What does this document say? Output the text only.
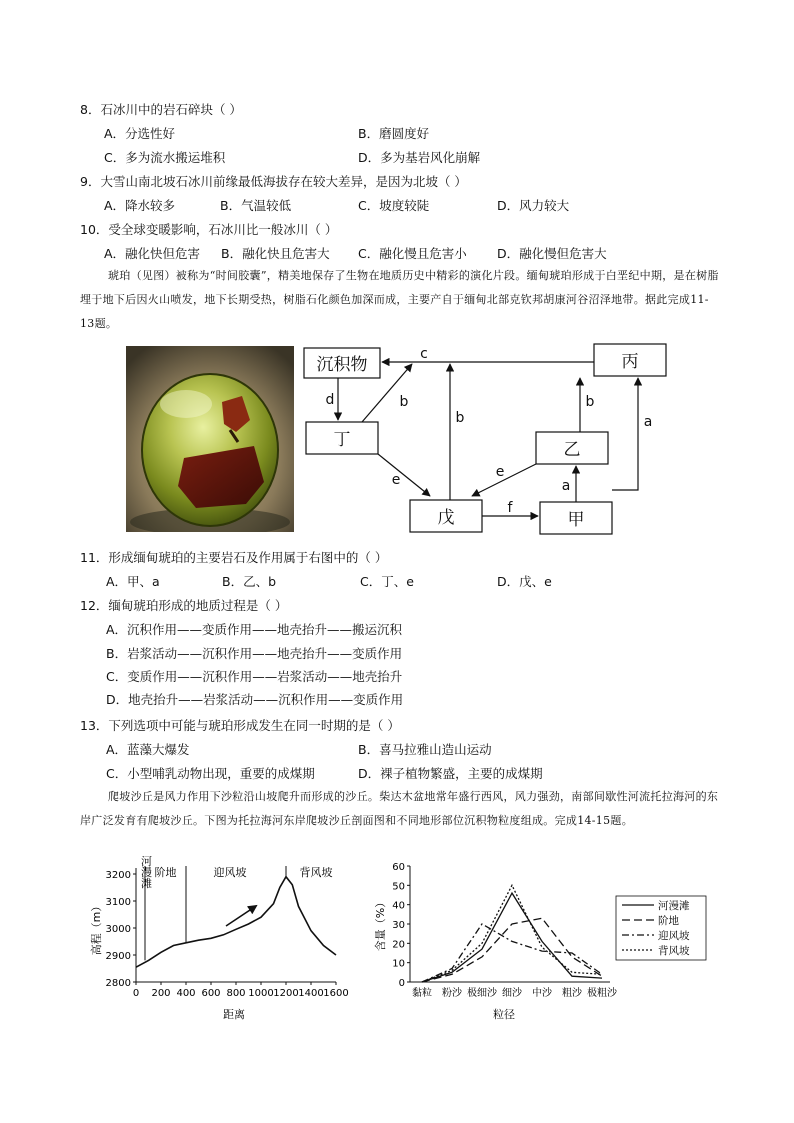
8．石冰川中的岩石碎块（ ）
A．分选性好	B．磨圆度好
C．多为流水搬运堆积	D．多为基岩风化崩解
9．大雪山南北坡石冰川前缘最低海拔存在较大差异，是因为北坡（ ）
A．降水较多	B．气温较低	C．坡度较陡	D．风力较大
10．受全球变暖影响，石冰川比一般冰川（ ）
A．融化快但危害 B．融化快且危害大 C．融化慢且危害小 D．融化慢但危害大
琥珀（见图）被称为“时间胶囊”，精美地保存了生物在地质历史中精彩的演化片段。缅甸琥珀形成于白垩纪中期，是在树脂埋于地下后因火山喷发，地下长期受热，树脂石化颜色加深而成，主要产自于缅甸北部克钦邦胡康河谷沼泽地带。据此完成11-13题。
沉积物	丙
丁	乙
戊	甲
c
d	b
b
b
e	e
f
a
a
11．形成缅甸琥珀的主要岩石及作用属于右图中的（ ）
A．甲、a	B．乙、b	C．丁、e	D．戊、e
12．缅甸琥珀形成的地质过程是（ ）
A．沉积作用——变质作用——地壳抬升——搬运沉积
B．岩浆活动——沉积作用——地壳抬升——变质作用
C．变质作用——沉积作用——岩浆活动——地壳抬升
D．地壳抬升——岩浆活动——沉积作用——变质作用
13．下列选项中可能与琥珀形成发生在同一时期的是（ ）
A．蓝藻大爆发	B．喜马拉雅山造山运动
C．小型哺乳动物出现，重要的成煤期	D．裸子植物繁盛，主要的成煤期
爬坡沙丘是风力作用下沙粒沿山坡爬升而形成的沙丘。柴达木盆地常年盛行西风，风力强劲，南部间歇性河流托拉海河的东岸广泛发育有爬坡沙丘。下图为托拉海河东岸爬坡沙丘剖面图和不同地形部位沉积物粒度组成。完成14-15题。
0 200 400 600 800 1000 1200 1400 1600
2800
2900
3000
3100
3200 河漫滩 阶地	迎风坡	背风坡
高程（m）
距离
0
10
20
30
40
50
60
黏粒 粉沙 极细沙 细沙 中沙 粗沙 极粗沙
河漫滩
阶地
迎风坡
背风坡
含量（%）
粒径
